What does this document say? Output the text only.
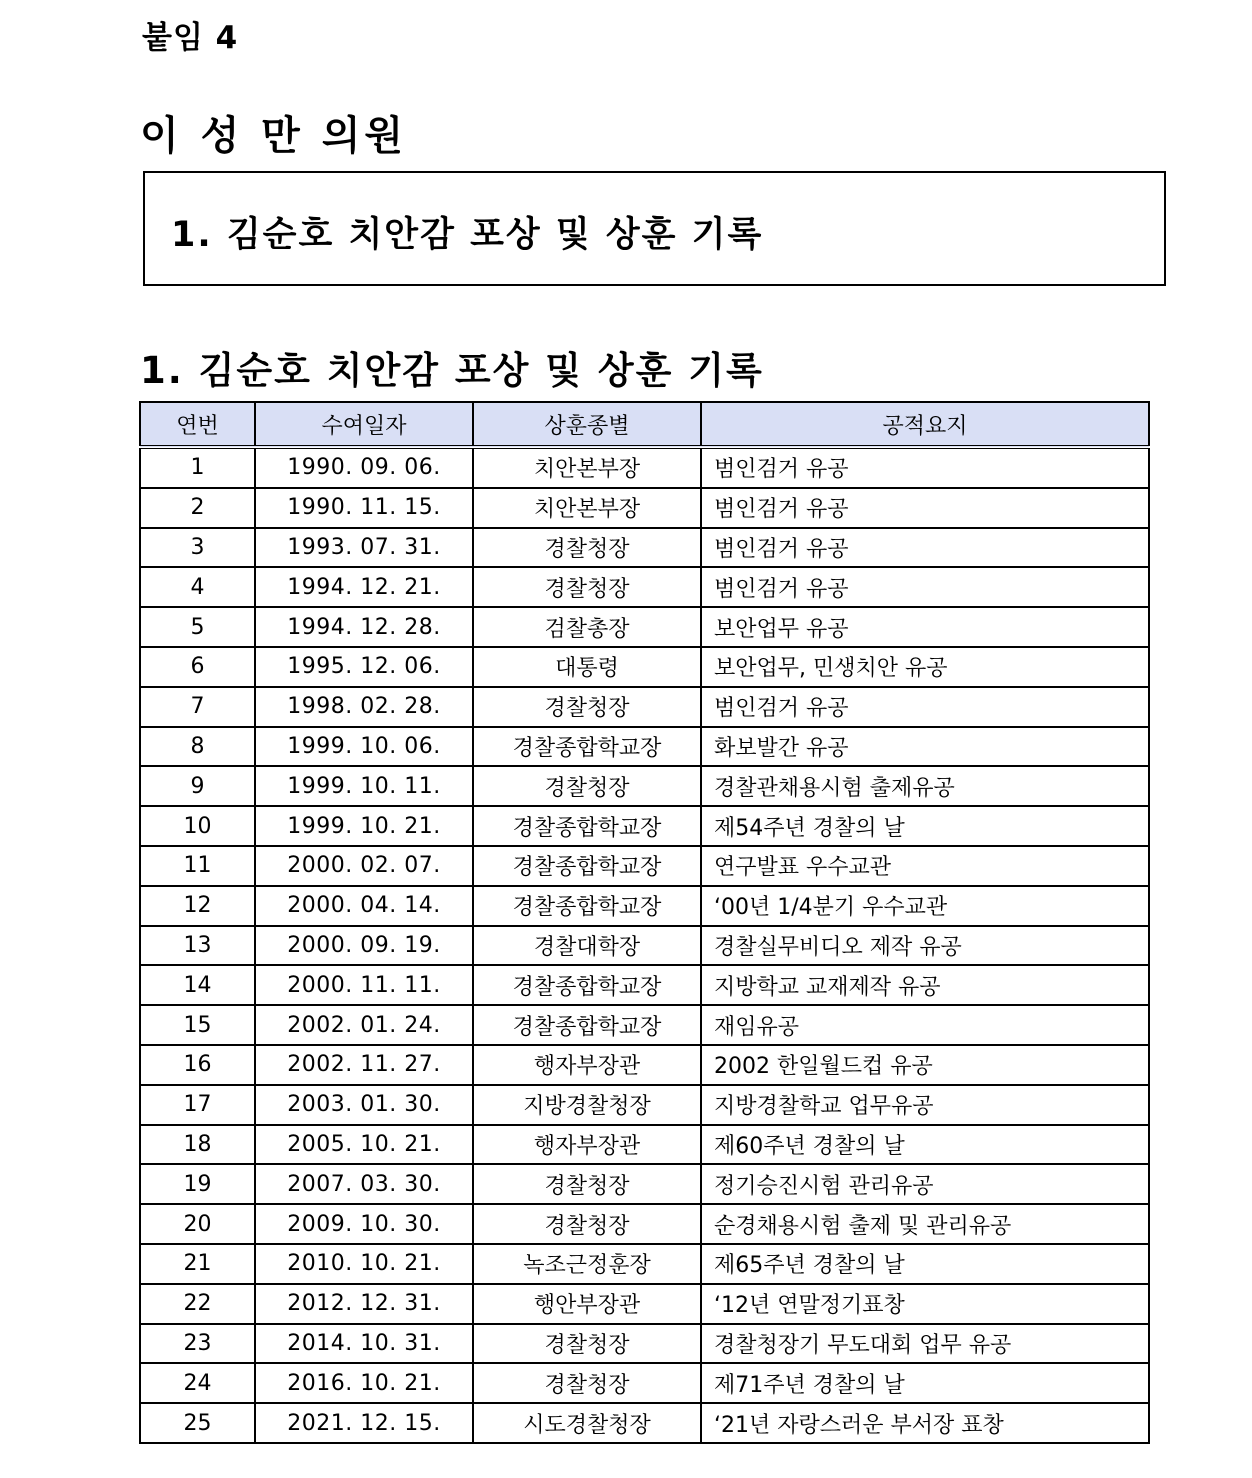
붙임 4
이 성 만 의원
1. 김순호 치안감 포상 및 상훈 기록
1. 김순호 치안감 포상 및 상훈 기록
연번	수여일자	상훈종별	공적요지
1	1990. 09. 06.	치안본부장	범인검거 유공
2	1990. 11. 15.	치안본부장	범인검거 유공
3	1993. 07. 31.	경찰청장	범인검거 유공
4	1994. 12. 21.	경찰청장	범인검거 유공
5	1994. 12. 28.	검찰총장	보안업무 유공
6	1995. 12. 06.	대통령	보안업무, 민생치안 유공
7	1998. 02. 28.	경찰청장	범인검거 유공
8	1999. 10. 06.	경찰종합학교장	화보발간 유공
9	1999. 10. 11.	경찰청장	경찰관채용시험 출제유공
10	1999. 10. 21.	경찰종합학교장	제54주년 경찰의 날
11	2000. 02. 07.	경찰종합학교장	연구발표 우수교관
12	2000. 04. 14.	경찰종합학교장	‘00년 1/4분기 우수교관
13	2000. 09. 19.	경찰대학장	경찰실무비디오 제작 유공
14	2000. 11. 11.	경찰종합학교장	지방학교 교재제작 유공
15	2002. 01. 24.	경찰종합학교장	재임유공
16	2002. 11. 27.	행자부장관	2002 한일월드컵 유공
17	2003. 01. 30.	지방경찰청장	지방경찰학교 업무유공
18	2005. 10. 21.	행자부장관	제60주년 경찰의 날
19	2007. 03. 30.	경찰청장	정기승진시험 관리유공
20	2009. 10. 30.	경찰청장	순경채용시험 출제 및 관리유공
21	2010. 10. 21.	녹조근정훈장	제65주년 경찰의 날
22	2012. 12. 31.	행안부장관	‘12년 연말정기표창
23	2014. 10. 31.	경찰청장	경찰청장기 무도대회 업무 유공
24	2016. 10. 21.	경찰청장	제71주년 경찰의 날
25	2021. 12. 15.	시도경찰청장	‘21년 자랑스러운 부서장 표창
